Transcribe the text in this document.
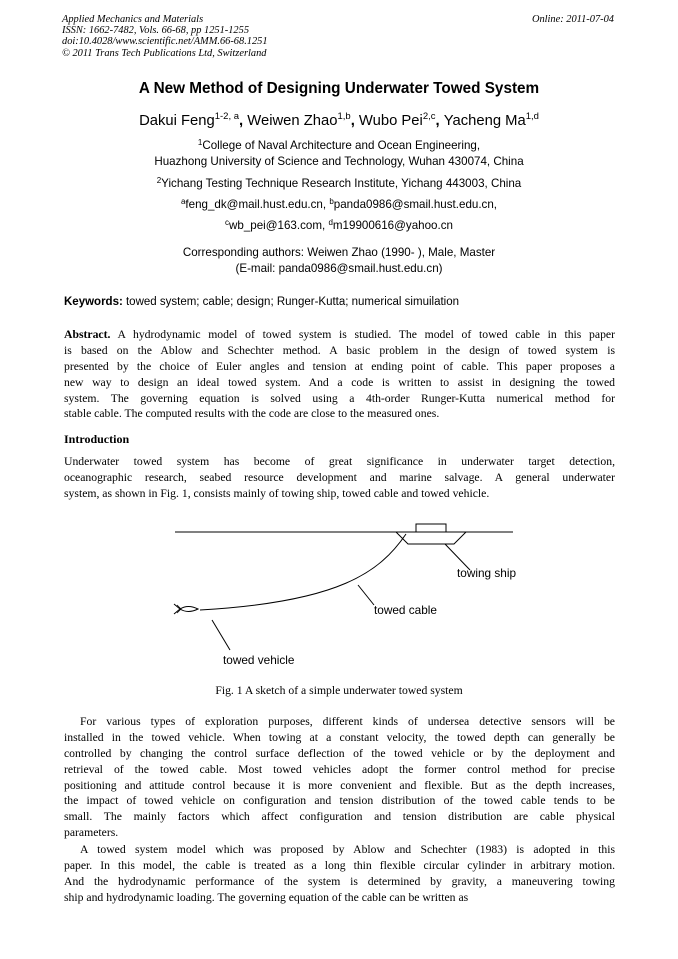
Applied Mechanics and Materials
ISSN: 1662-7482, Vols. 66-68, pp 1251-1255
doi:10.4028/www.scientific.net/AMM.66-68.1251
© 2011 Trans Tech Publications Ltd, Switzerland
Online: 2011-07-04
A New Method of Designing Underwater Towed System
Dakui Feng$^{1-2, a}$, Weiwen Zhao$^{1,b}$, Wubo Pei$^{2,c}$, Yacheng Ma$^{1,d}$
$^1$College of Naval Architecture and Ocean Engineering,
Huazhong University of Science and Technology, Wuhan 430074, China
$^2$Yichang Testing Technique Research Institute, Yichang 443003, China
$^a$feng_dk@mail.hust.edu.cn, $^b$panda0986@smail.hust.edu.cn,
$^c$wb_pei@163.com, $^d$m19900616@yahoo.cn
Corresponding authors: Weiwen Zhao (1990- ), Male, Master
(E-mail: panda0986@smail.hust.edu.cn)
Keywords: towed system; cable; design; Runger-Kutta; numerical simuilation
Abstract. A hydrodynamic model of towed system is studied. The model of towed cable in this paper
is based on the Ablow and Schechter method. A basic problem in the design of towed system is
presented by the choice of Euler angles and tension at ending point of cable. This paper proposes a
new way to design an ideal towed system. And a code is written to assist in designing the towed
system. The governing equation is solved using a 4th-order Runger-Kutta numerical method for
stable cable. The computed results with the code are close to the measured ones.
Introduction
Underwater towed system has become of great significance in underwater target detection,
oceanographic research, seabed resource development and marine salvage. A general underwater
system, as shown in Fig. 1, consists mainly of towing ship, towed cable and towed vehicle.
towing ship
towed cable
towed vehicle
Fig. 1 A sketch of a simple underwater towed system
For various types of exploration purposes, different kinds of undersea detective sensors will be
installed in the towed vehicle. When towing at a constant velocity, the towed depth can generally be
controlled by changing the control surface deflection of the towed vehicle or by the deployment and
retrieval of the towed cable. Most towed vehicles adopt the former control method for precise
positioning and attitude control because it is more convenient and flexible. But as the depth increases,
the impact of towed vehicle on configuration and tension distribution of the towed cable tends to be
small. The mainly factors which affect configuration and tension distribution are cable physical
parameters.
A towed system model which was proposed by Ablow and Schechter (1983) is adopted in this
paper. In this model, the cable is treated as a long thin flexible circular cylinder in arbitrary motion.
And the hydrodynamic performance of the system is determined by gravity, a maneuvering towing
ship and hydrodynamic loading. The governing equation of the cable can be written as
